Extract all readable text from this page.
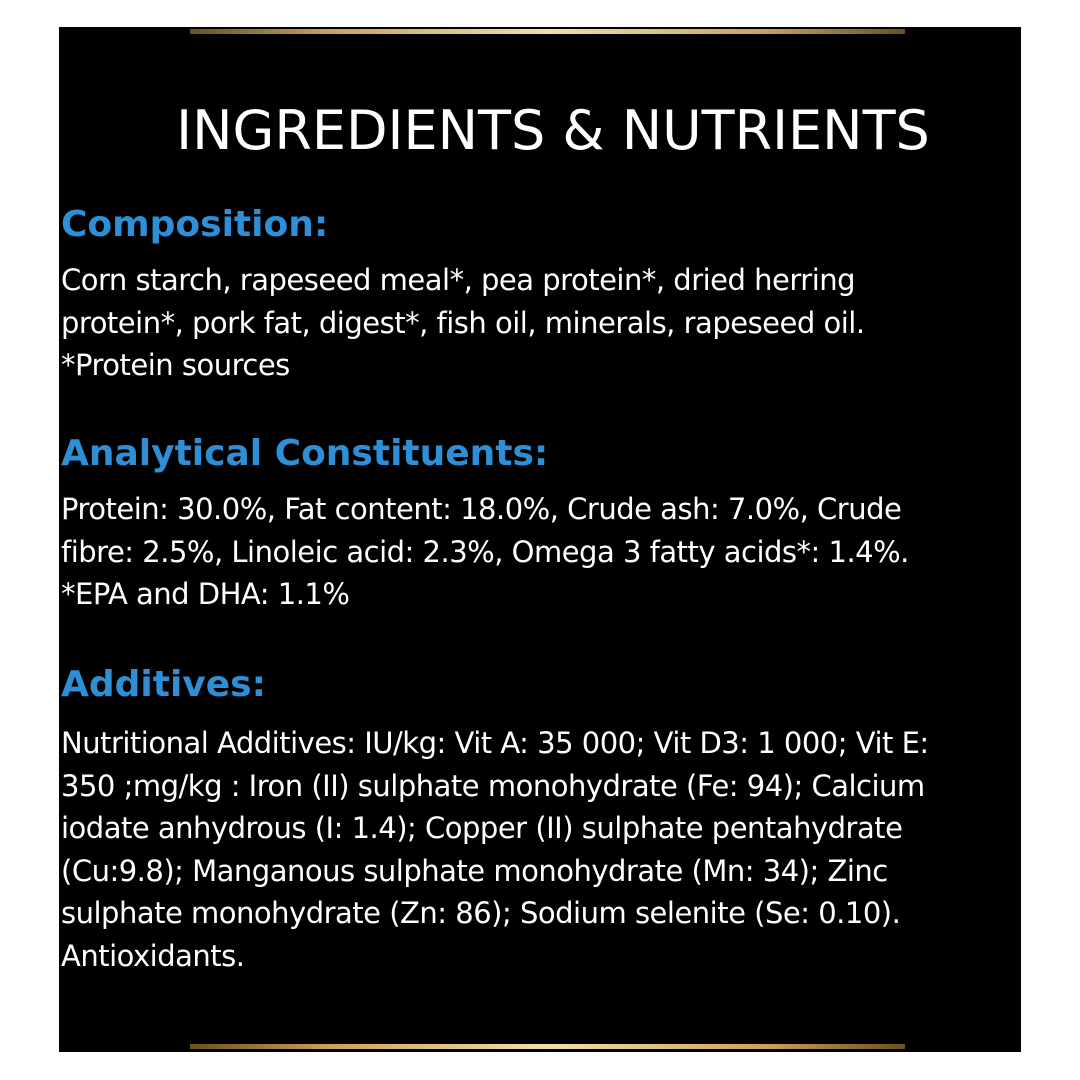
INGREDIENTS & NUTRIENTS

Composition:

Corn starch, rapeseed meal*, pea protein*, dried herring

protein*, pork fat, digest*, fish oil, minerals, rapeseed oil.

*Protein sources

Analytical Constituents:

Protein: 30.0%, Fat content: 18.0%, Crude ash: 7.0%, Crude

fibre: 2.5%, Linoleic acid: 2.3%, Omega 3 fatty acids*: 1.4%.

*EPA and DHA: 1.1%

Additives:

Nutritional Additives: IU/kg: Vit A: 35 000; Vit D3: 1 000; Vit E:

350 ;mg/kg : Iron (II) sulphate monohydrate (Fe: 94); Calcium

iodate anhydrous (I: 1.4); Copper (II) sulphate pentahydrate

(Cu:9.8); Manganous sulphate monohydrate (Mn: 34); Zinc

sulphate monohydrate (Zn: 86); Sodium selenite (Se: 0.10).

Antioxidants.
